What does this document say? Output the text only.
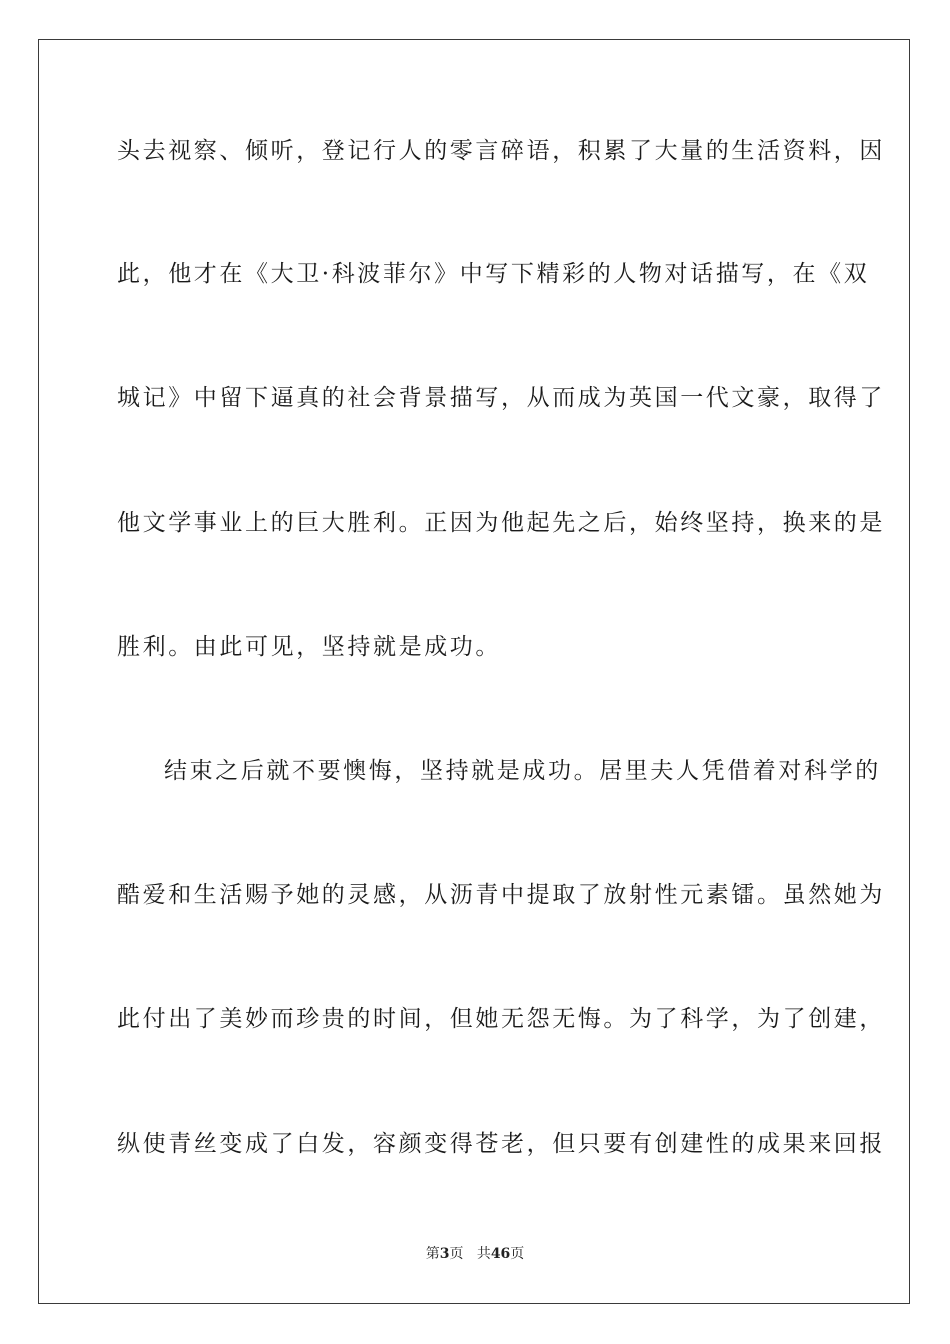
头去视察、倾听，登记行人的零言碎语，积累了大量的生活资料，因
此，他才在《大卫·科波菲尔》中写下精彩的人物对话描写，在《双
城记》中留下逼真的社会背景描写，从而成为英国一代文豪，取得了
他文学事业上的巨大胜利。正因为他起先之后，始终坚持，换来的是
胜利。由此可见，坚持就是成功。
结束之后就不要懊悔，坚持就是成功。居里夫人凭借着对科学的
酷爱和生活赐予她的灵感，从沥青中提取了放射性元素镭。虽然她为
此付出了美妙而珍贵的时间，但她无怨无悔。为了科学，为了创建，
纵使青丝变成了白发，容颜变得苍老，但只要有创建性的成果来回报
第3页 共46页
